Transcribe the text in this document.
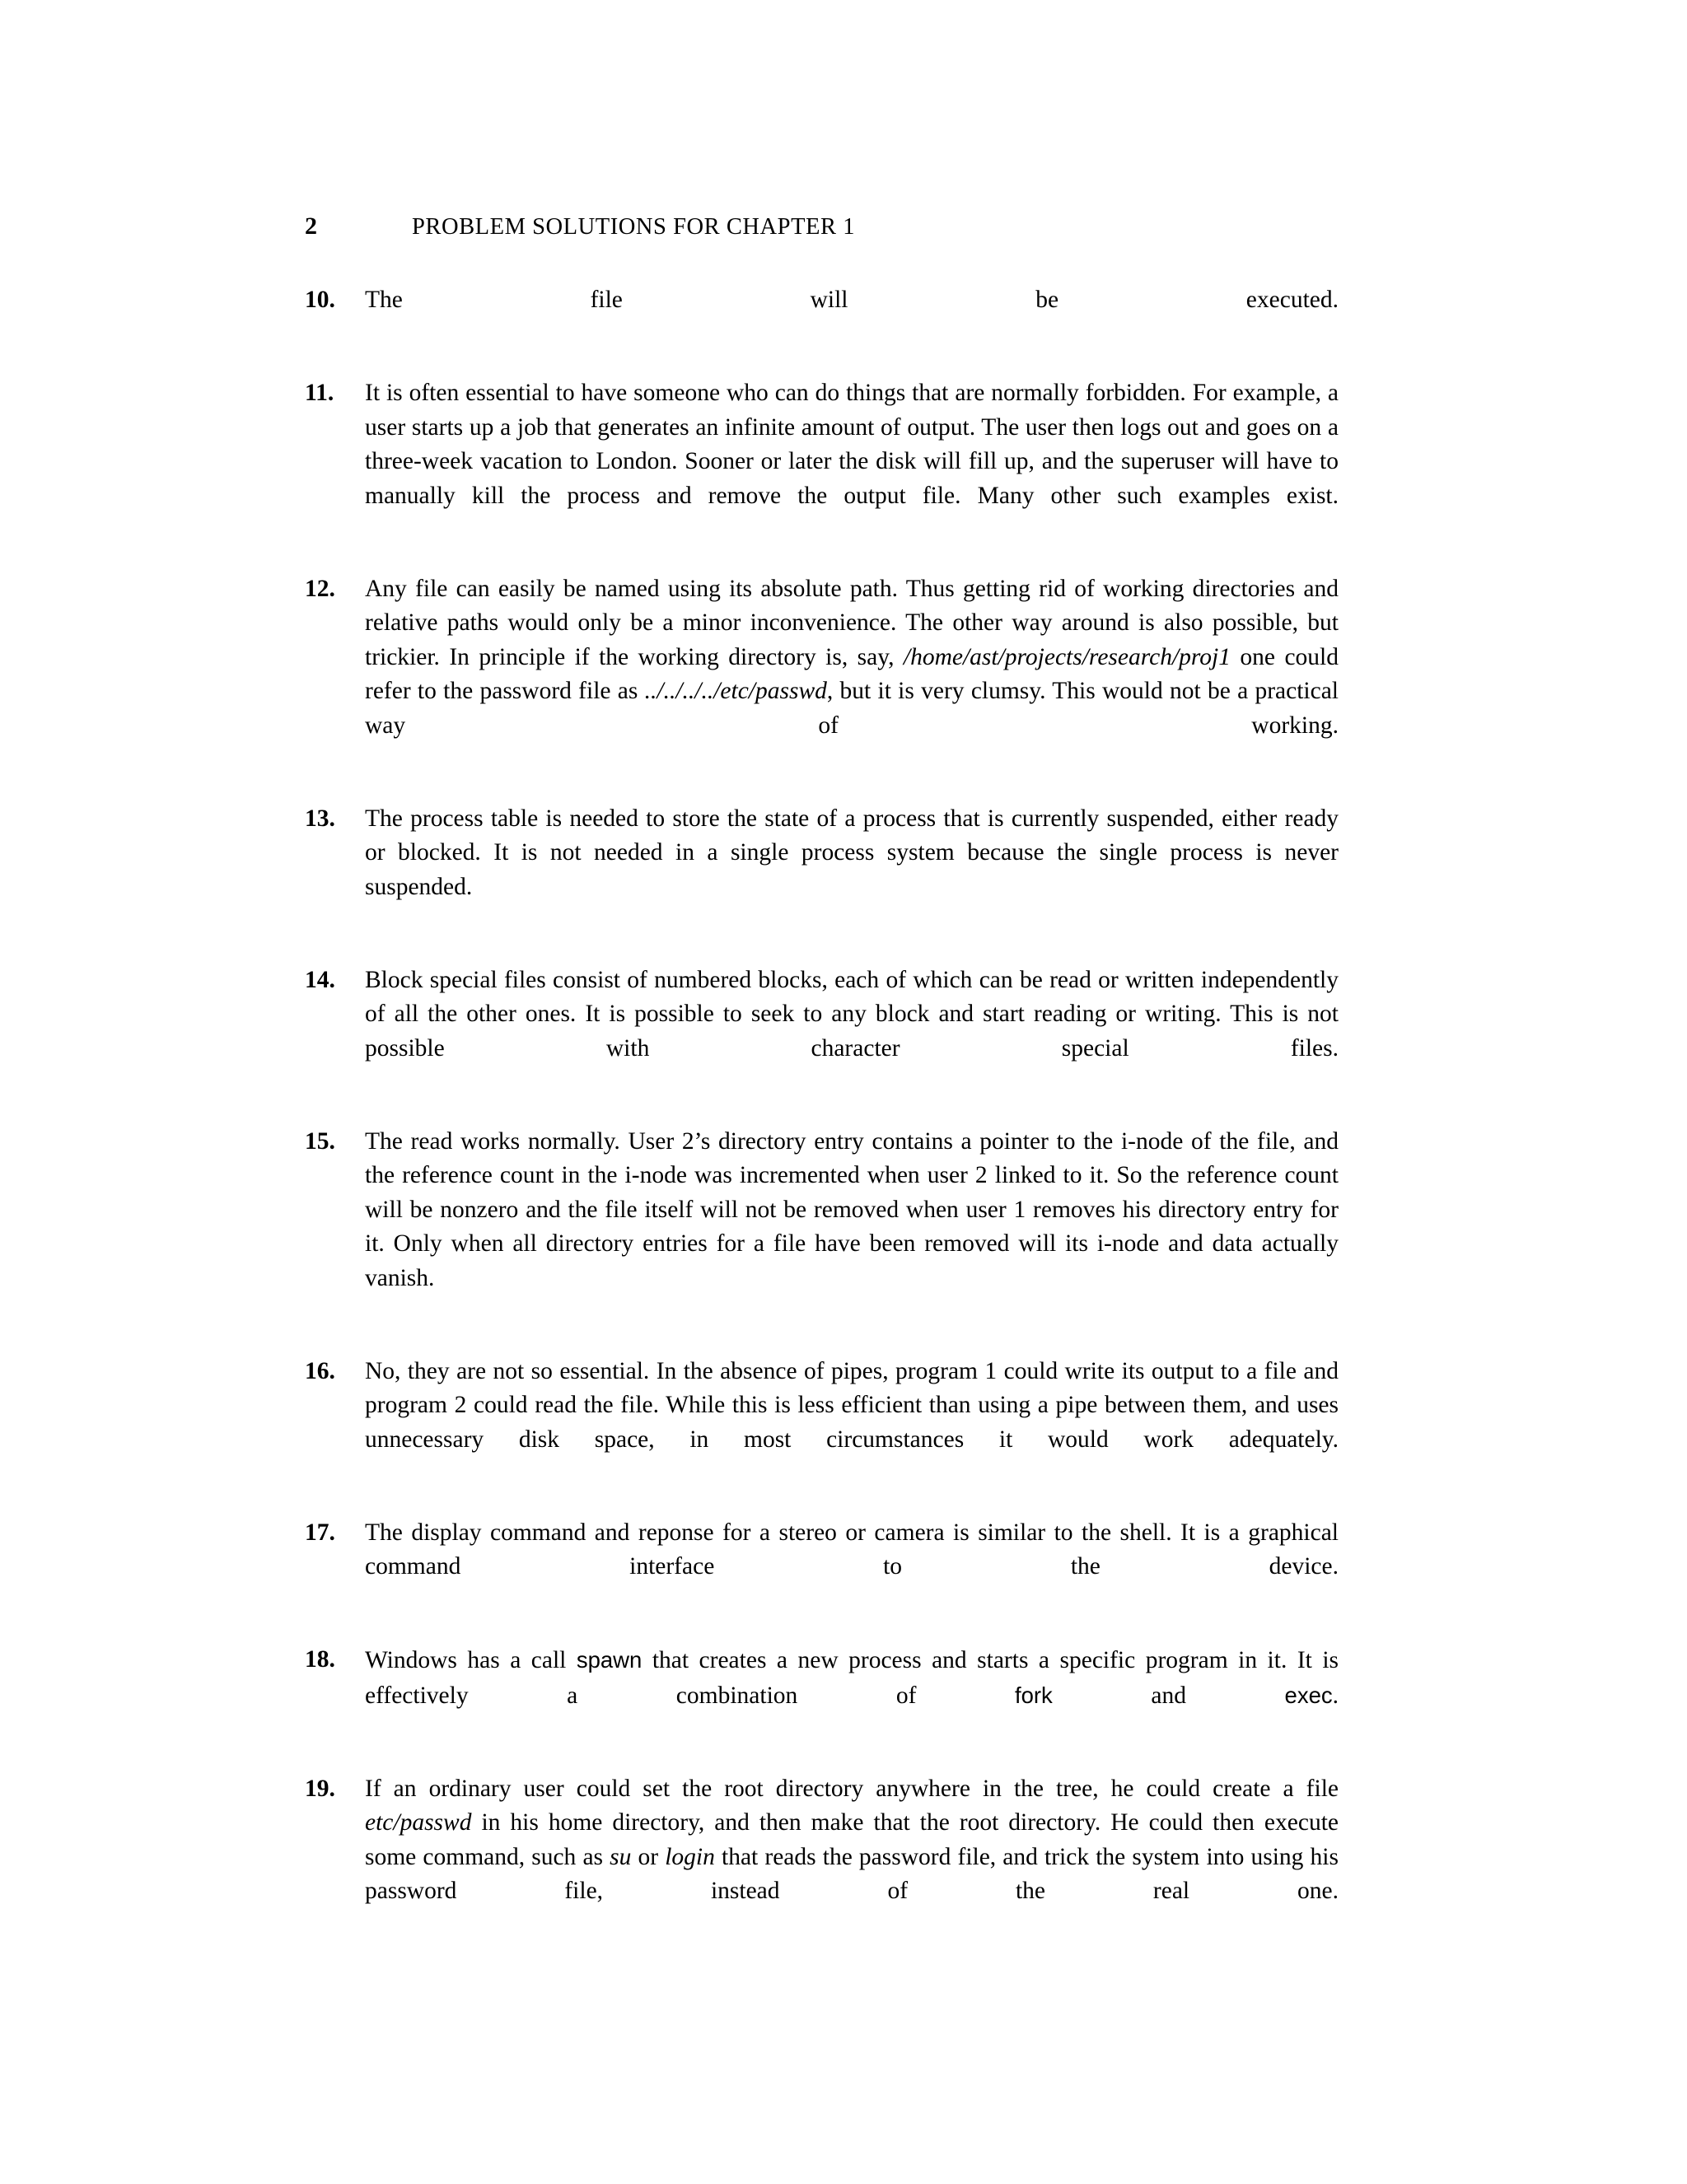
2	PROBLEM SOLUTIONS FOR CHAPTER 1
10.	The file will be executed.
11.	It is often essential to have someone who can do things that are normally forbidden. For example, a user starts up a job that generates an infinite amount of output. The user then logs out and goes on a three-week vacation to London. Sooner or later the disk will fill up, and the superuser will have to manually kill the process and remove the output file. Many other such examples exist.
12.	Any file can easily be named using its absolute path. Thus getting rid of working directories and relative paths would only be a minor inconvenience. The other way around is also possible, but trickier. In principle if the working directory is, say, /home/ast/projects/research/proj1 one could refer to the password file as ../../../../etc/passwd, but it is very clumsy. This would not be a practical way of working.
13.	The process table is needed to store the state of a process that is currently suspended, either ready or blocked. It is not needed in a single process system because the single process is never suspended.
14.	Block special files consist of numbered blocks, each of which can be read or written independently of all the other ones. It is possible to seek to any block and start reading or writing. This is not possible with character special files.
15.	The read works normally. User 2’s directory entry contains a pointer to the i-node of the file, and the reference count in the i-node was incremented when user 2 linked to it. So the reference count will be nonzero and the file itself will not be removed when user 1 removes his directory entry for it. Only when all directory entries for a file have been removed will its i-node and data actually vanish.
16.	No, they are not so essential. In the absence of pipes, program 1 could write its output to a file and program 2 could read the file. While this is less efficient than using a pipe between them, and uses unnecessary disk space, in most circumstances it would work adequately.
17.	The display command and reponse for a stereo or camera is similar to the shell. It is a graphical command interface to the device.
18.	Windows has a call spawn that creates a new process and starts a specific program in it. It is effectively a combination of fork and exec.
19.	If an ordinary user could set the root directory anywhere in the tree, he could create a file etc/passwd in his home directory, and then make that the root directory. He could then execute some command, such as su or login that reads the password file, and trick the system into using his password file, instead of the real one.
